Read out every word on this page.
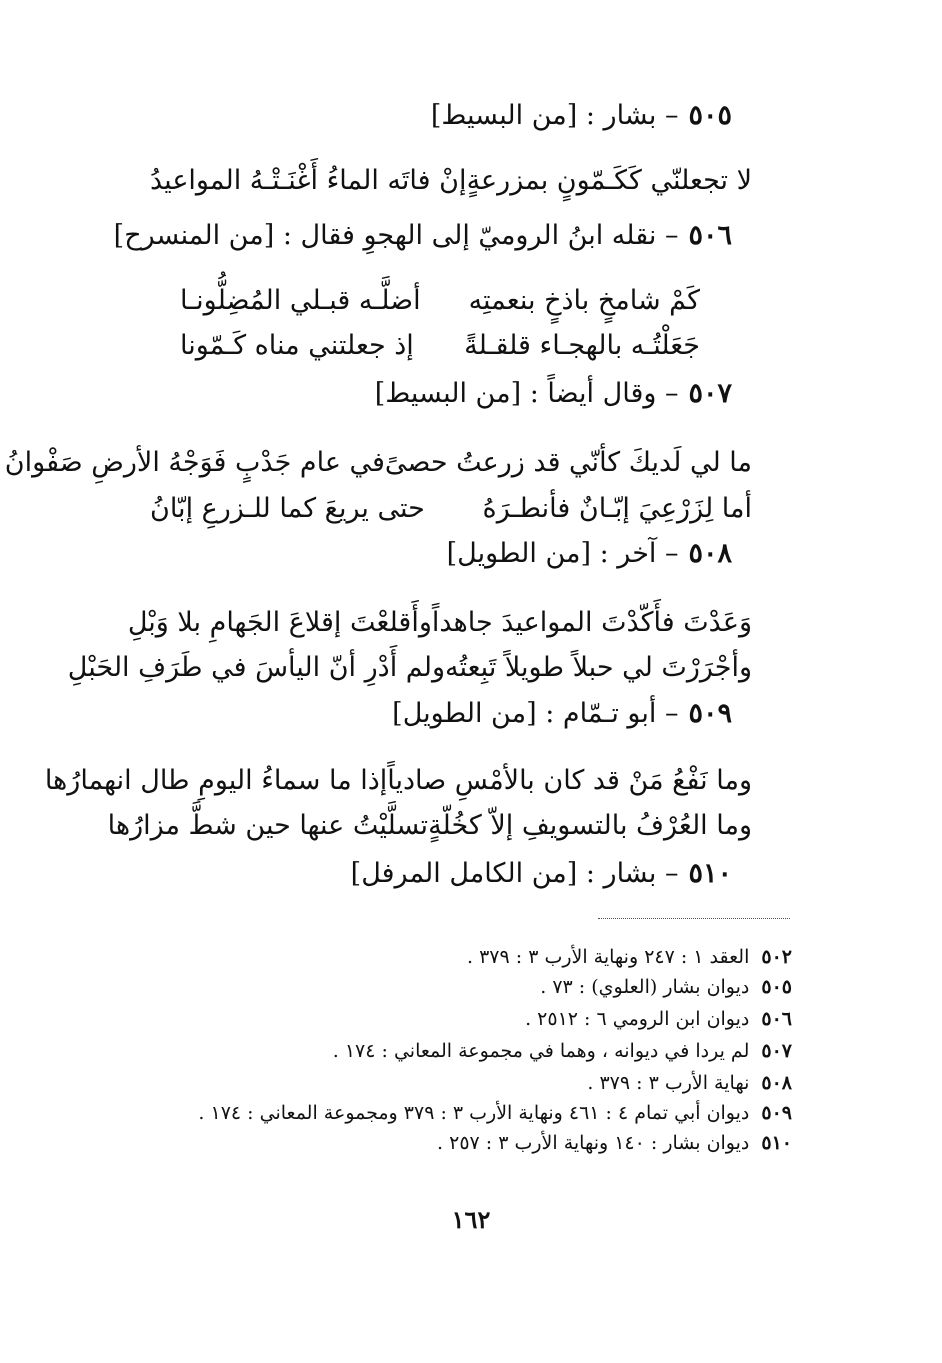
٥٠٥– بشار : [من البسيط]
لا تجعلنّي كَكَـمّونٍ بمزرعةٍ
إنْ فاتَه الماءُ أَغْنَـتْـهُ المواعيدُ
٥٠٦– نقله ابنُ الروميّ إلى الهجوِ فقال : [من المنسرح]
كَمْ شامخٍ باذخٍ بنعمتِه
أضلَّـه قبـلي المُضِلُّونـا
جَعَلْتُـه بالهجـاء قلقـلةً
إذ جعلتني مناه كَـمّونا
٥٠٧– وقال أيضاً : [من البسيط]
ما لي لَديكَ كأنّي قد زرعتُ حصىً
في عام جَدْبٍ فَوَجْهُ الأرضِ صَفْوانُ
أما لِزَرْعِيَ إبّـانٌ فأنطـرَهُ
حتى يريعَ كما للـزرعِ إبّانُ
٥٠٨– آخر : [من الطويل]
وَعَدْتَ فأَكّدْتَ المواعيدَ جاهداً
وأَقلعْتَ إقلاعَ الجَهامِ بلا وَبْلِ
وأجْرَرْتَ لي حبلاً طويلاً تَبِعتُه
ولم أَدْرِ أنّ اليأسَ في طَرَفِ الحَبْلِ
٥٠٩– أبو تـمّام : [من الطويل]
وما نَفْعُ مَنْ قد كان بالأمْسِ صادياً
إذا ما سماءُ اليومِ طال انهمارُها
وما العُرْفُ بالتسويفِ إلاّ كخُلّةٍ
تسلَّيْتُ عنها حين شطَّ مزارُها
٥١٠– بشار : [من الكامل المرفل]
٥٠٢العقد ١ : ٢٤٧ ونهاية الأرب ٣ : ٣٧٩ .
٥٠٥ديوان بشار (العلوي) : ٧٣ .
٥٠٦ديوان ابن الرومي ٦ : ٢٥١٢ .
٥٠٧لم يردا في ديوانه ، وهما في مجموعة المعاني : ١٧٤ .
٥٠٨نهاية الأرب ٣ : ٣٧٩ .
٥٠٩ديوان أبي تمام ٤ : ٤٦١ ونهاية الأرب ٣ : ٣٧٩ ومجموعة المعاني : ١٧٤ .
٥١٠ديوان بشار : ١٤٠ ونهاية الأرب ٣ : ٢٥٧ .
١٦٢
